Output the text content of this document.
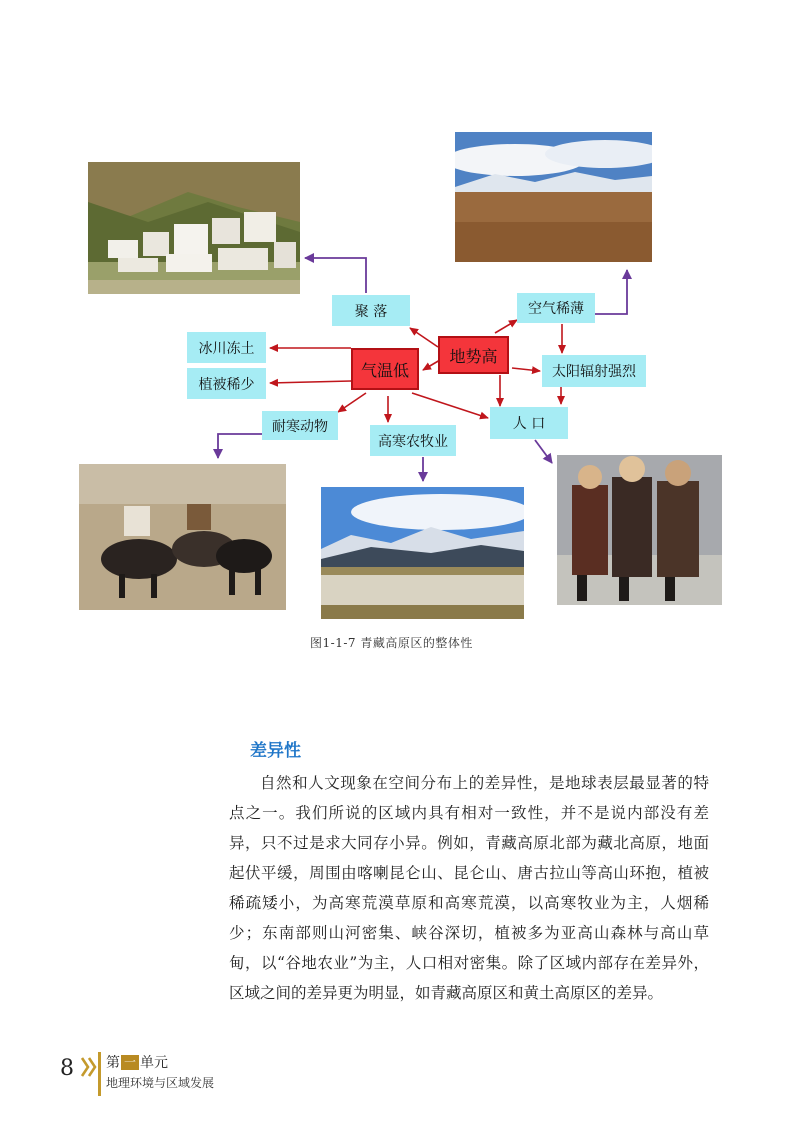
聚 落	空气稀薄
冰川冻土
气温低
地势高
太阳辐射强烈
植被稀少
耐寒动物
高寒农牧业
人 口
图1-1-7 青藏高原区的整体性
差异性

自然和人文现象在空间分布上的差异性，是地球表层最显著的特点之一。我们所说的区域内具有相对一致性，并不是说内部没有差异，只不过是求大同存小异。例如，青藏高原北部为藏北高原，地面起伏平缓，周围由喀喇昆仑山、昆仑山、唐古拉山等高山环抱，植被稀疏矮小，为高寒荒漠草原和高寒荒漠，以高寒牧业为主，人烟稀少；东南部则山河密集、峡谷深切，植被多为亚高山森林与高山草甸，以“谷地农业”为主，人口相对密集。除了区域内部存在差异外，区域之间的差异更为明显，如青藏高原区和黄土高原区的差异。

8 第 一 单元
地理环境与区域发展
